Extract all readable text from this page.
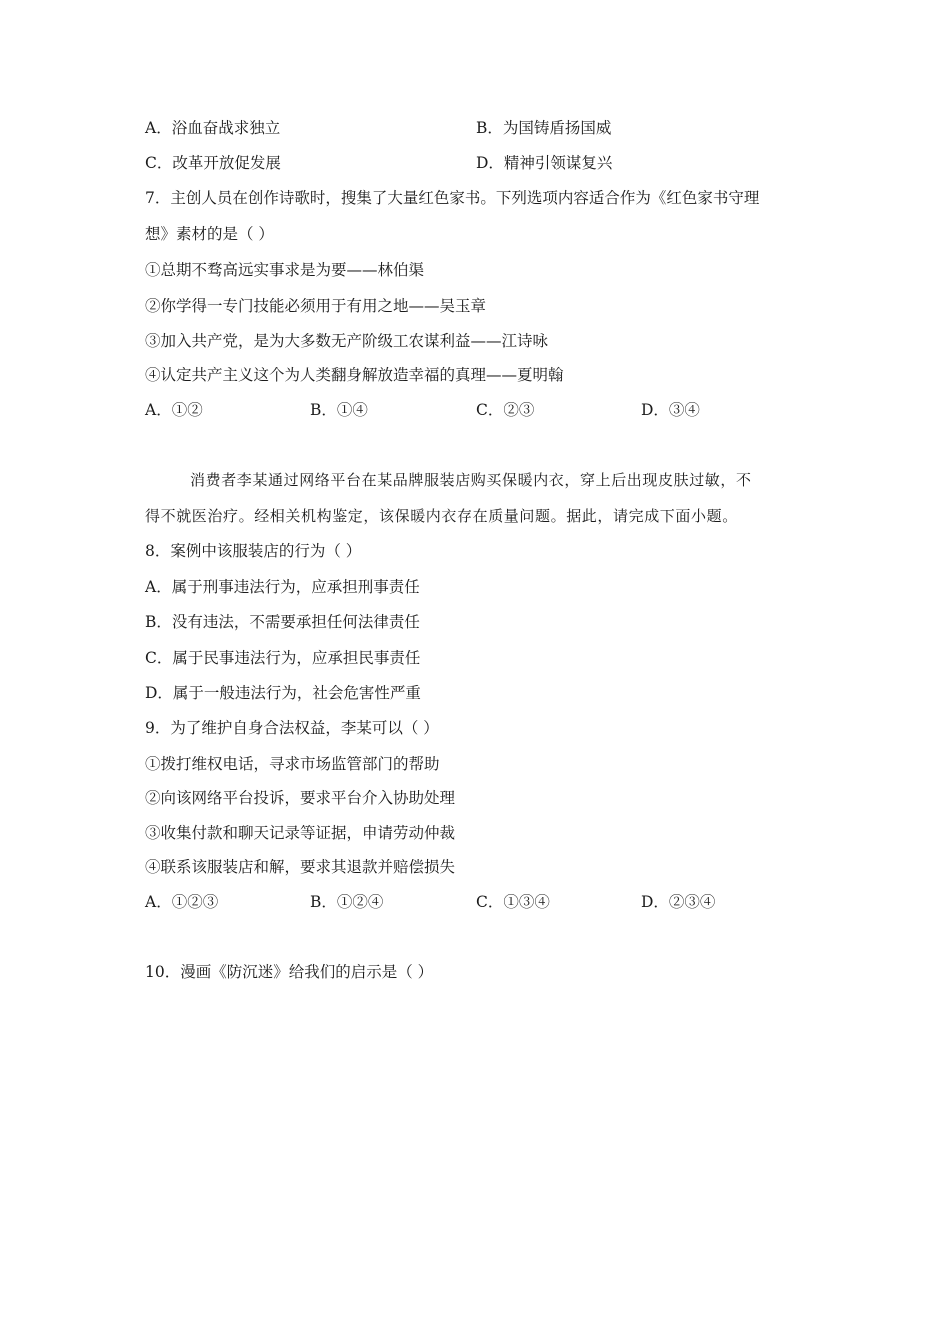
A．浴血奋战求独立	B．为国铸盾扬国威
C．改革开放促发展	D．精神引领谋复兴
7．主创人员在创作诗歌时，搜集了大量红色家书。下列选项内容适合作为《红色家书守理
想》素材的是（ ）
①总期不骛高远实事求是为要——林伯渠
②你学得一专门技能必须用于有用之地——吴玉章
③加入共产党，是为大多数无产阶级工农谋利益——江诗咏
④认定共产主义这个为人类翻身解放造幸福的真理——夏明翰
A．①②	B．①④	C．②③	D．③④
消费者李某通过网络平台在某品牌服装店购买保暖内衣，穿上后出现皮肤过敏，不
得不就医治疗。经相关机构鉴定，该保暖内衣存在质量问题。据此，请完成下面小题。
8．案例中该服装店的行为（ ）
A．属于刑事违法行为，应承担刑事责任
B．没有违法，不需要承担任何法律责任
C．属于民事违法行为，应承担民事责任
D．属于一般违法行为，社会危害性严重
9．为了维护自身合法权益，李某可以（ ）
①拨打维权电话，寻求市场监管部门的帮助
②向该网络平台投诉，要求平台介入协助处理
③收集付款和聊天记录等证据，申请劳动仲裁
④联系该服装店和解，要求其退款并赔偿损失
A．①②③	B．①②④	C．①③④	D．②③④
10．漫画《防沉迷》给我们的启示是（ ）
